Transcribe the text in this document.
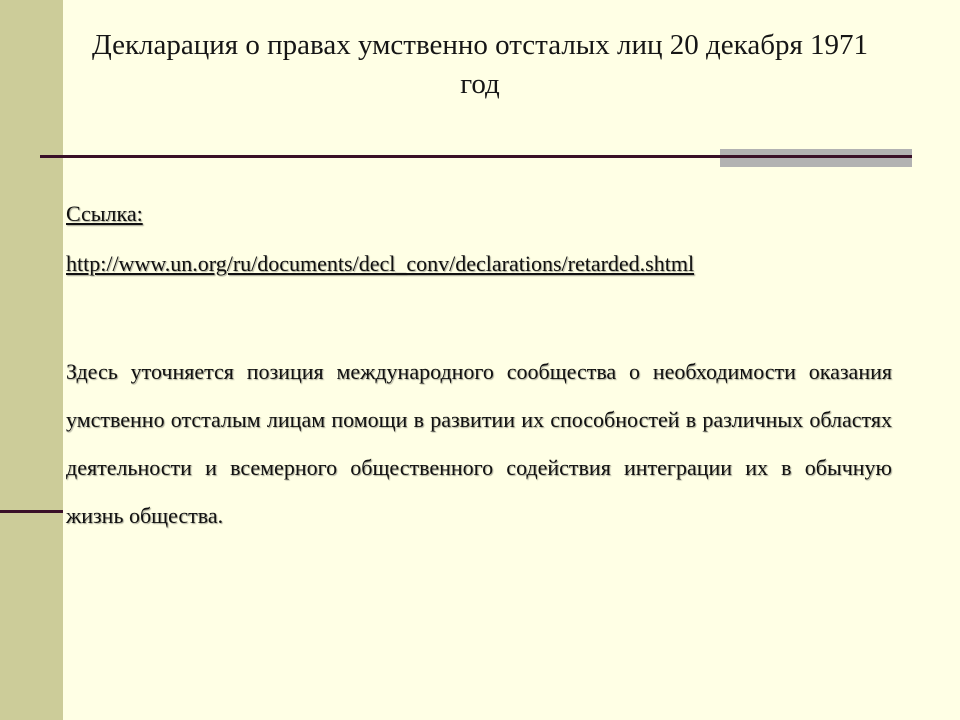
Декларация о правах умственно отсталых лиц 20 декабря 1971 год

Ссылка:

http://www.un.org/ru/documents/decl_conv/declarations/retarded.shtml

Здесь уточняется позиция международного сообщества о необходимости оказания умственно отсталым лицам помощи в развитии их способностей в различных областях деятельности и всемерного общественного содействия интеграции их в обычную жизнь общества.
